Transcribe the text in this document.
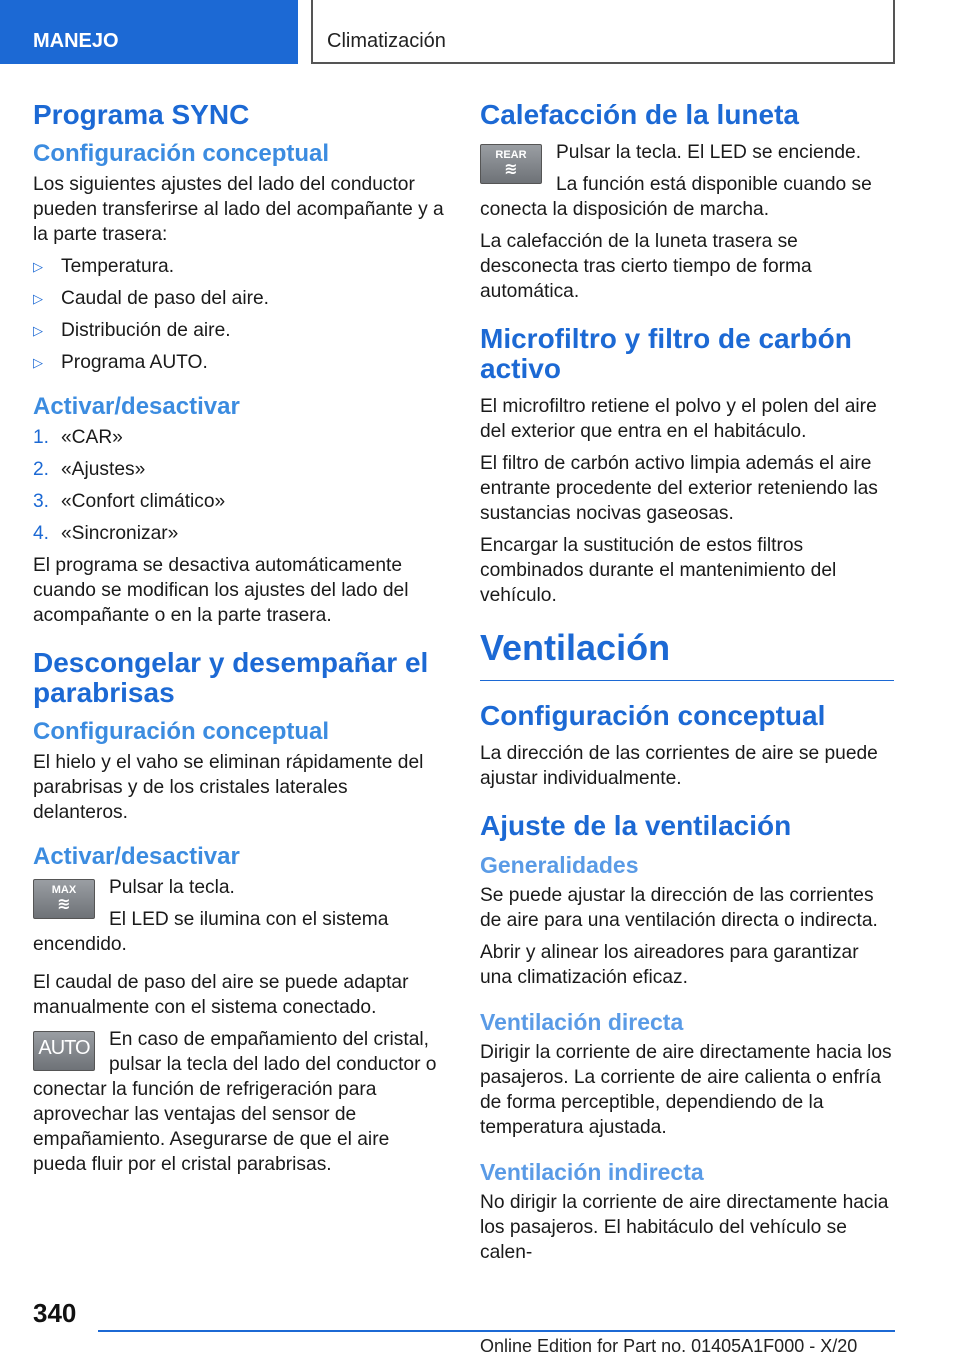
MANEJO	Climatización
Programa SYNC
Configuración conceptual

Los siguientes ajustes del lado del conductor pueden transferirse al lado del acompañante y a la parte trasera:

▷ Temperatura.
▷ Caudal de paso del aire.
▷ Distribución de aire.
▷ Programa AUTO.
Activar/desactivar
1. «CAR»
2. «Ajustes»
3. «Confort climático»
4. «Sincronizar»

El programa se desactiva automáticamente cuando se modifican los ajustes del lado del acompañante o en la parte trasera.

Descongelar y desempañar el parabrisas
Configuración conceptual

El hielo y el vaho se eliminan rápidamente del parabrisas y de los cristales laterales delanteros.

Activar/desactivar
MAX
≋

Pulsar la tecla.

El LED se ilumina con el sistema encendido.

El caudal de paso del aire se puede adaptar manualmente con el sistema conectado.

AUTO	En caso de empañamiento del cristal, pulsar la tecla del lado del conductor o conectar la función de refrigeración para aprovechar las ventajas del sensor de empañamiento. Asegurarse de que el aire pueda fluir por el cristal parabrisas.

Calefacción de la luneta
REAR
≋

Pulsar la tecla. El LED se enciende.

La función está disponible cuando se conecta la disposición de marcha.

La calefacción de la luneta trasera se desconecta tras cierto tiempo de forma automática.

Microfiltro y filtro de carbón activo

El microfiltro retiene el polvo y el polen del aire del exterior que entra en el habitáculo.

El filtro de carbón activo limpia además el aire entrante procedente del exterior reteniendo las sustancias nocivas gaseosas.

Encargar la sustitución de estos filtros combinados durante el mantenimiento del vehículo.

Ventilación
Configuración conceptual

La dirección de las corrientes de aire se puede ajustar individualmente.

Ajuste de la ventilación
Generalidades

Se puede ajustar la dirección de las corrientes de aire para una ventilación directa o indirecta.

Abrir y alinear los aireadores para garantizar una climatización eficaz.

Ventilación directa

Dirigir la corriente de aire directamente hacia los pasajeros. La corriente de aire calienta o enfría de forma perceptible, dependiendo de la temperatura ajustada.

Ventilación indirecta

No dirigir la corriente de aire directamente hacia los pasajeros. El habitáculo del vehículo se calen-

340
Online Edition for Part no. 01405A1F000 - X/20
